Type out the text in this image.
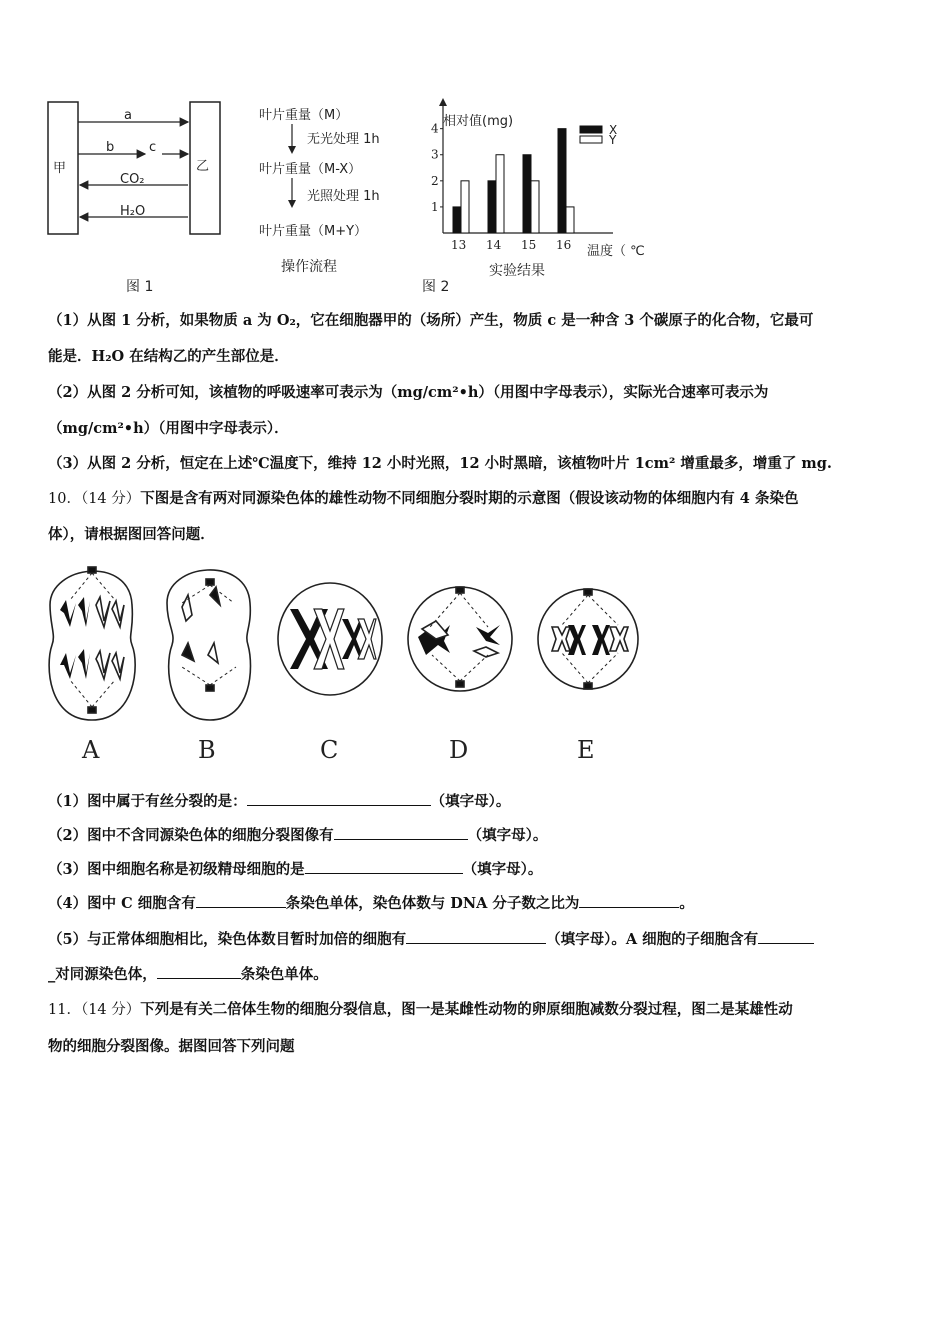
甲	乙
a
b	c
CO₂
H₂O
图 1
叶片重量（M）
无光处理 1h
叶片重量（M-X）
光照处理 1h
叶片重量（M+Y）
操作流程
1
2
3
4
13 14 15 16
X
Y
相对值(mg)
温度（ ℃
实验结果
图 2
（1）从图 1 分析，如果物质 a 为 O₂，它在细胞器甲的（场所）产生，物质 c 是一种含 3 个碳原子的化合物，它最可
能是．H₂O 在结构乙的产生部位是．
（2）从图 2 分析可知，该植物的呼吸速率可表示为（mg/cm²•h）（用图中字母表示），实际光合速率可表示为
（mg/cm²•h）（用图中字母表示）．
（3）从图 2 分析，恒定在上述℃温度下，维持 12 小时光照，12 小时黑暗，该植物叶片 1cm² 增重最多，增重了 mg.
10．（14 分）下图是含有两对同源染色体的雄性动物不同细胞分裂时期的示意图（假设该动物的体细胞内有 4 条染色
体），请根据图回答问题．
A	B	C	D	E
（1）图中属于有丝分裂的是：	（填字母）。
（2）图中不含同源染色体的细胞分裂图像有	（填字母）。
（3）图中细胞名称是初级精母细胞的是	（填字母）。
（4）图中 C 细胞含有	条染色单体，染色体数与 DNA 分子数之比为	。
（5）与正常体细胞相比，染色体数目暂时加倍的细胞有	（填字母）。A 细胞的子细胞含有
_对同源染色体，	条染色单体。
11．（14 分）下列是有关二倍体生物的细胞分裂信息，图一是某雌性动物的卵原细胞减数分裂过程，图二是某雄性动
物的细胞分裂图像。据图回答下列问题
